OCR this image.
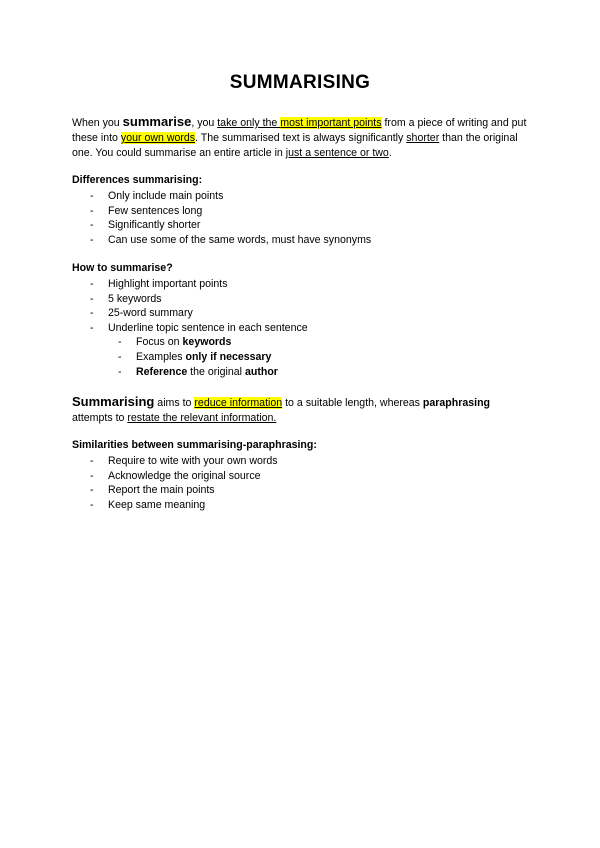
SUMMARISING
When you summarise, you take only the most important points from a piece of writing and put these into your own words. The summarised text is always significantly shorter than the original one. You could summarise an entire article in just a sentence or two.
Differences summarising:
- Only include main points
- Few sentences long
- Significantly shorter
- Can use some of the same words, must have synonyms
How to summarise?
- Highlight important points
- 5 keywords
- 25-word summary
- Underline topic sentence in each sentence
- Focus on keywords
- Examples only if necessary
- Reference the original author
Summarising aims to reduce information to a suitable length, whereas paraphrasing attempts to restate the relevant information.
Similarities between summarising-paraphrasing:
- Require to wite with your own words
- Acknowledge the original source
- Report the main points
- Keep same meaning
